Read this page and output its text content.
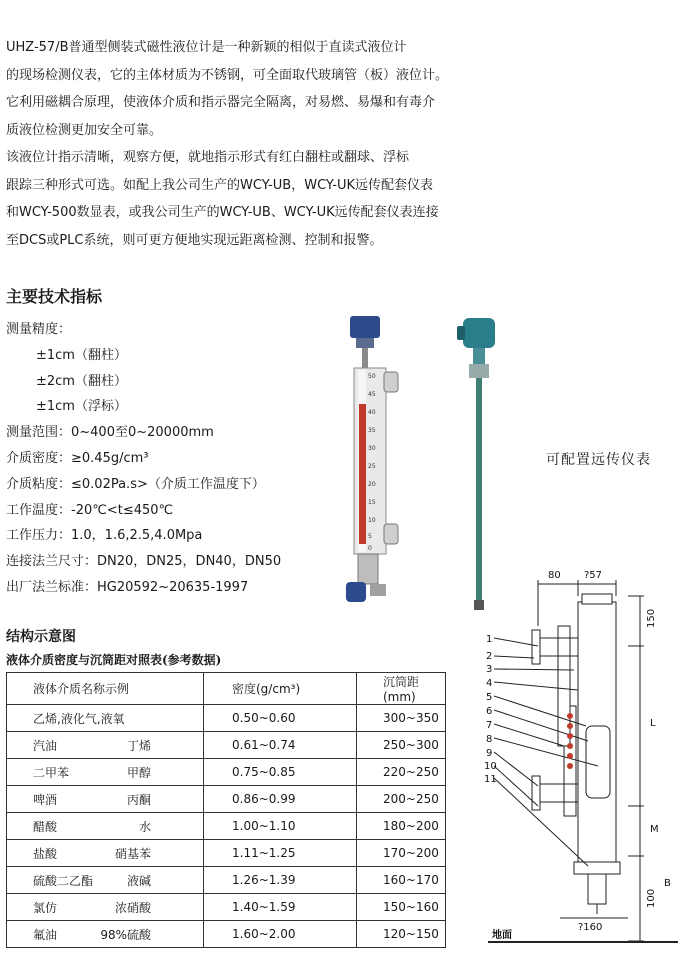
UHZ-57/B普通型侧装式磁性液位计是一种新颖的相似于直读式液位计

的现场检测仪表，它的主体材质为不锈钢，可全面取代玻璃管（板）液位计。

它利用磁耦合原理，使液体介质和指示器完全隔离，对易燃、易爆和有毒介

质液位检测更加安全可靠。

该液位计指示清晰，观察方便，就地指示形式有红白翻柱或翻球、浮标

跟踪三种形式可选。如配上我公司生产的WCY-UB，WCY-UK远传配套仪表

和WCY-500数显表，或我公司生产的WCY-UB、WCY-UK远传配套仪表连接

至DCS或PLC系统，则可更方便地实现远距离检测、控制和报警。

主要技术指标
测量精度：
±1cm（翻柱）
±2cm（翻柱）
±1cm（浮标）
测量范围：0~400至0~20000mm
介质密度：≥0.45g/cm³
介质粘度：≤0.02Pa.s>（介质工作温度下）
工作温度：-20℃<t≤450℃
工作压力：1.0，1.6,2.5,4.0Mpa
连接法兰尺寸：DN20，DN25，DN40，DN50
出厂法兰标准：HG20592~20635-1997
50
45
40
35
30
25
20
15
10
5
0
可配置远传仪表
结构示意图
液体介质密度与沉筒距对照表(参考数据)
液体介质名称示例	密度(g/cm³)	沉筒距(mm)

乙烯,液化气,液氧	0.50~0.60	300~350

汽油 丁烯	0.61~0.74	250~300

二甲苯 甲醇	0.75~0.85	220~250

啤酒 丙酮	0.86~0.99	200~250

醋酸 水	1.00~1.10	180~200

盐酸 硝基苯	1.11~1.25	170~200

硫酸二乙酯 液碱	1.26~1.39	160~170

氯仿 浓硝酸	1.40~1.59	150~160

氟油 98%硫酸	1.60~2.00	120~150
80 ?57
150
L
M
B
100
?160
地面
1
2
3
4
5
6
7
8
9
10
11
